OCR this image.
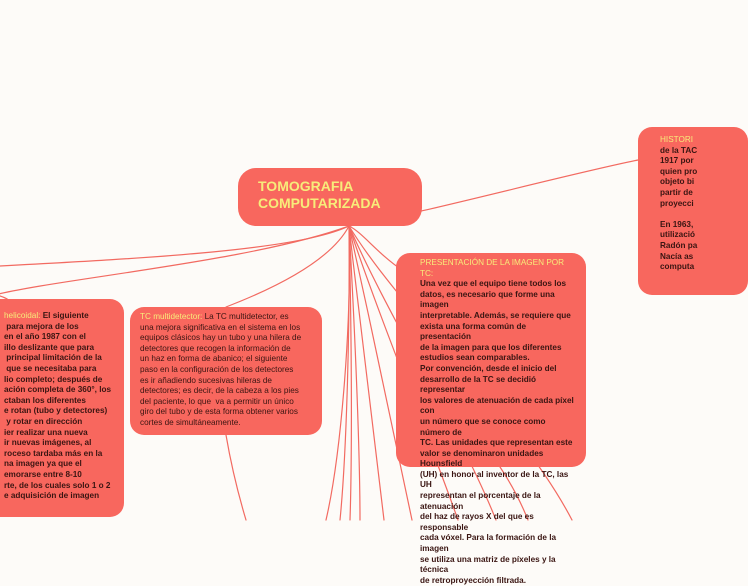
TOMOGRAFIA
COMPUTARIZADA
helicoidal: El siguiente
para mejora de los
en el año 1987 con el
illo deslizante que para
principal limitación de la
que se necesitaba para
lio completo; después de
ación completa de 360°, los
ctaban los diferentes
e rotan (tubo y detectores)
y rotar en dirección
ier realizar una nueva
ir nuevas imágenes, al
roceso tardaba más en la
na imagen ya que el
emorarse entre 8-10
rte, de los cuales solo 1 o 2
e adquisición de imagen
TC multidetector: La TC multidetector, es
una mejora significativa en el sistema en los
equipos clásicos hay un tubo y una hilera de
detectores que recogen la información de
un haz en forma de abanico; el siguiente
paso en la configuración de los detectores
es ir añadiendo sucesivas hileras de
detectores; es decir, de la cabeza a los pies
del paciente, lo que  va a permitir un único
giro del tubo y de esta forma obtener varios
cortes de simultáneamente.
PRESENTACIÓN DE LA IMAGEN POR TC:
Una vez que el equipo tiene todos los
datos, es necesario que forme una imagen
interpretable. Además, se requiere que
exista una forma común de presentación
de la imagen para que los diferentes
estudios sean comparables.
Por convención, desde el inicio del
desarrollo de la TC se decidió representar
los valores de atenuación de cada píxel con
un número que se conoce como número de
TC. Las unidades que representan este
valor se denominaron unidades Hounsfield
(UH) en honor al inventor de la TC, las UH
representan el porcentaje de la atenuación
del haz de rayos X del que es responsable
cada vóxel. Para la formación de la imagen
se utiliza una matriz de píxeles y la técnica
de retroproyección filtrada.
HISTORI
de la TAC
1917 por
quien pro
objeto bi
partir de
proyecci

En 1963,
utilizació
Radón pa
Nacía as
computa
